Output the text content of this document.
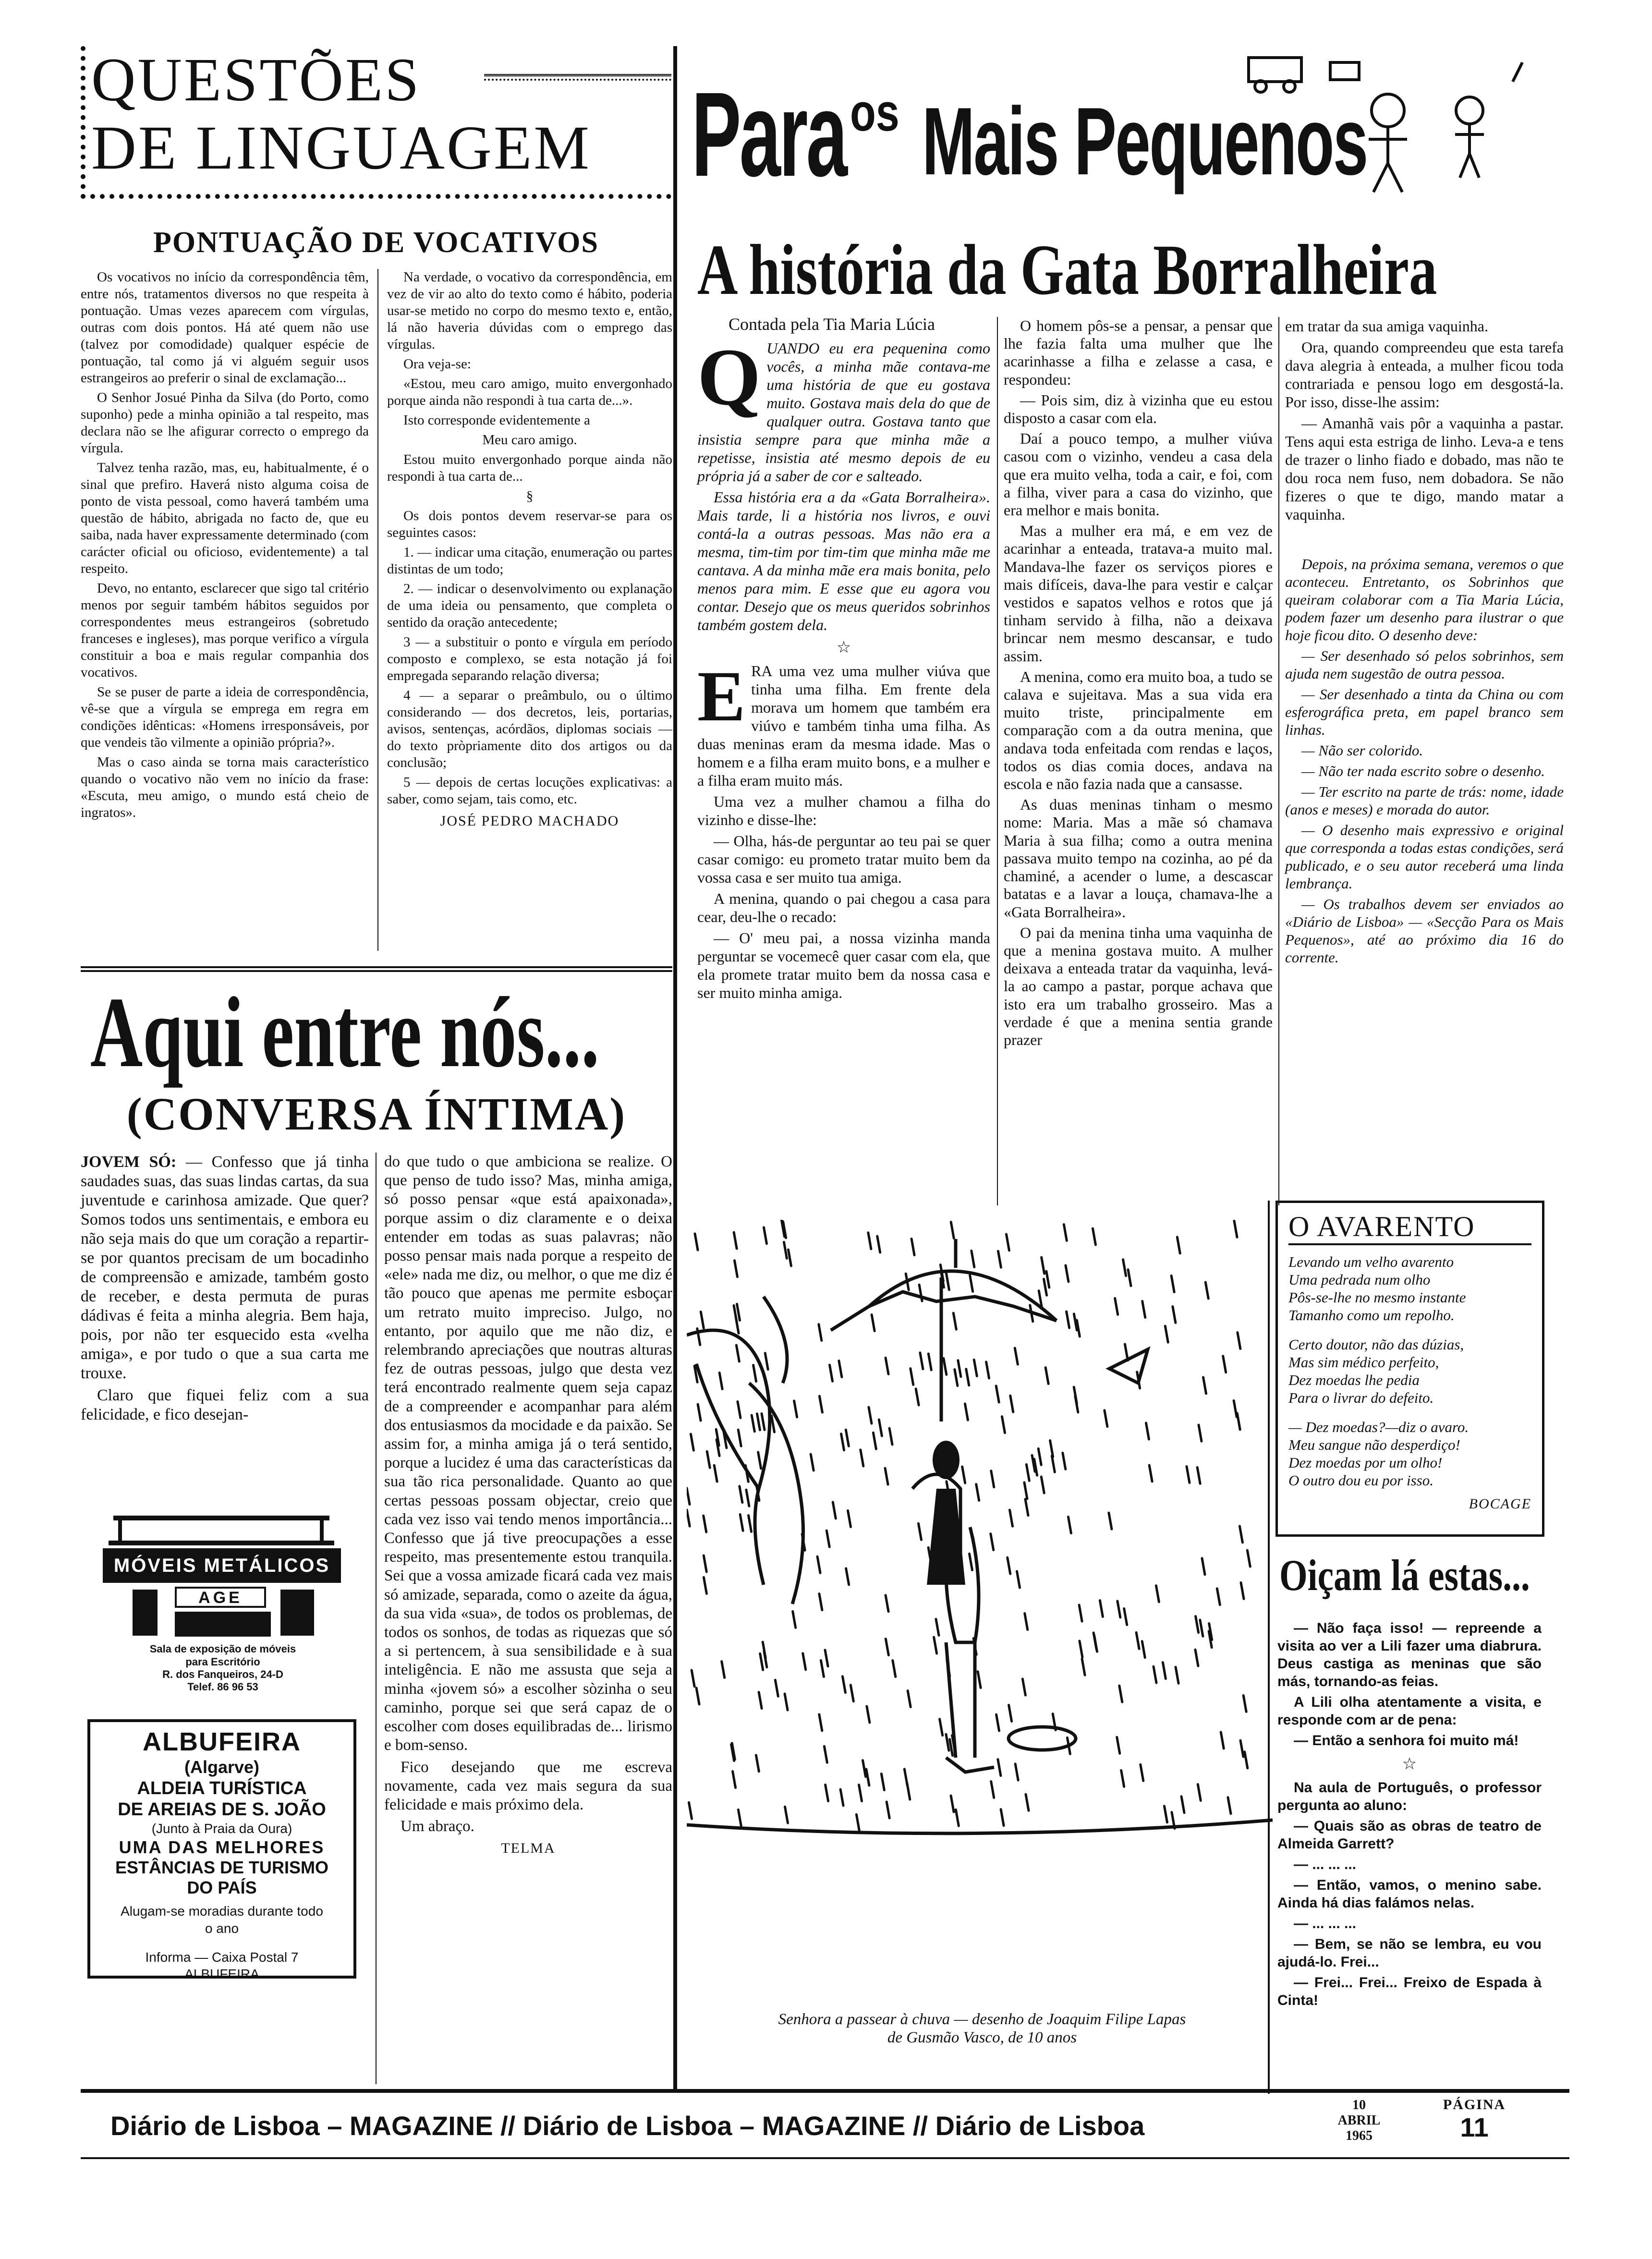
QUESTÕES
DE LINGUAGEM
PONTUAÇÃO DE VOCATIVOS

Os vocativos no início da correspondência têm, entre nós, tratamentos diversos no que respeita à pontuação. Umas vezes aparecem com vírgulas, outras com dois pontos. Há até quem não use (talvez por comodidade) qualquer espécie de pontuação, tal como já vi alguém seguir usos estrangeiros ao preferir o sinal de exclamação...

O Senhor Josué Pinha da Silva (do Porto, como suponho) pede a minha opinião a tal respeito, mas declara não se lhe afigurar correcto o emprego da vírgula.

Talvez tenha razão, mas, eu, habitualmente, é o sinal que prefiro. Haverá nisto alguma coisa de ponto de vista pessoal, como haverá também uma questão de hábito, abrigada no facto de, que eu saiba, nada haver expressamente determinado (com carácter oficial ou oficioso, evidentemente) a tal respeito.

Devo, no entanto, esclarecer que sigo tal critério menos por seguir também hábitos seguidos por correspondentes meus estrangeiros (sobretudo franceses e ingleses), mas porque verifico a vírgula constituir a boa e mais regular companhia dos vocativos.

Se se puser de parte a ideia de correspondência, vê-se que a vírgula se emprega em regra em condições idênticas: «Homens irresponsáveis, por que vendeis tão vilmente a opinião própria?».

Mas o caso ainda se torna mais característico quando o vocativo não vem no início da frase: «Escuta, meu amigo, o mundo está cheio de ingratos».

Na verdade, o vocativo da correspondência, em vez de vir ao alto do texto como é hábito, poderia usar-se metido no corpo do mesmo texto e, então, lá não haveria dúvidas com o emprego das vírgulas.

Ora veja-se:

«Estou, meu caro amigo, muito envergonhado porque ainda não respondi à tua carta de...».

Isto corresponde evidentemente a

Meu caro amigo.

Estou muito envergonhado porque ainda não respondi à tua carta de...

§

Os dois pontos devem reservar-se para os seguintes casos:

1. — indicar uma citação, enumeração ou partes distintas de um todo;

2. — indicar o desenvolvimento ou explanação de uma ideia ou pensamento, que completa o sentido da oração antecedente;

3 — a substituir o ponto e vírgula em período composto e complexo, se esta notação já foi empregada separando relação diversa;

4 — a separar o preâmbulo, ou o último considerando — dos decretos, leis, portarias, avisos, sentenças, acórdãos, diplomas sociais — do texto pròpriamente dito dos artigos ou da conclusão;

5 — depois de certas locuções explicativas: a saber, como sejam, tais como, etc.

JOSÉ PEDRO MACHADO
Aqui entre nós...
(CONVERSA ÍNTIMA)

JOVEM SÓ: — Confesso que já tinha saudades suas, das suas lindas cartas, da sua juventude e carinhosa amizade. Que quer? Somos todos uns sentimentais, e embora eu não seja mais do que um coração a repartir-se por quantos precisam de um bocadinho de compreensão e amizade, também gosto de receber, e desta permuta de puras dádivas é feita a minha alegria. Bem haja, pois, por não ter esquecido esta «velha amiga», e por tudo o que a sua carta me trouxe.

Claro que fiquei feliz com a sua felicidade, e fico desejan-

MÓVEIS METÁLICOS
AGE
Sala de exposição de móveis para Escritório
R. dos Fanqueiros, 24-D
Telef. 86 96 53
ALBUFEIRA
(Algarve)
ALDEIA TURÍSTICA
DE AREIAS DE S. JOÃO
(Junto à Praia da Oura)
UMA DAS MELHORES
ESTÂNCIAS DE TURISMO
DO PAÍS
Alugam-se moradias durante todo o ano
Informa — Caixa Postal 7
ALBUFEIRA

do que tudo o que ambiciona se realize. O que penso de tudo isso? Mas, minha amiga, só posso pensar «que está apaixonada», porque assim o diz claramente e o deixa entender em todas as suas palavras; não posso pensar mais nada porque a respeito de «ele» nada me diz, ou melhor, o que me diz é tão pouco que apenas me permite esboçar um retrato muito impreciso. Julgo, no entanto, por aquilo que me não diz, e relembrando apreciações que noutras alturas fez de outras pessoas, julgo que desta vez terá encontrado realmente quem seja capaz de a compreender e acompanhar para além dos entusiasmos da mocidade e da paixão. Se assim for, a minha amiga já o terá sentido, porque a lucidez é uma das características da sua tão rica personalidade. Quanto ao que certas pessoas possam objectar, creio que cada vez isso vai tendo menos importância... Confesso que já tive preocupações a esse respeito, mas presentemente estou tranquila. Sei que a vossa amizade ficará cada vez mais só amizade, separada, como o azeite da água, da sua vida «sua», de todos os problemas, de todos os sonhos, de todas as riquezas que só a si pertencem, à sua sensibilidade e à sua inteligência. E não me assusta que seja a minha «jovem só» a escolher sòzinha o seu caminho, porque sei que será capaz de o escolher com doses equilibradas de... lirismo e bom-senso.

Fico desejando que me escreva novamente, cada vez mais segura da sua felicidade e mais próximo dela.

Um abraço.

TELMA
Para os Mais Pequenos
A história da Gata Borralheira
Contada pela Tia Maria Lúcia
Q UANDO eu era pequenina como vocês, a minha mãe contava-me uma história de que eu gostava muito. Gostava mais dela do que de qualquer outra. Gostava tanto que insistia sempre para que minha mãe a repetisse, insistia até mesmo depois de eu própria já a saber de cor e salteado.

Essa história era a da «Gata Borralheira». Mais tarde, li a história nos livros, e ouvi contá-la a outras pessoas. Mas não era a mesma, tim-tim por tim-tim que minha mãe me cantava. A da minha mãe era mais bonita, pelo menos para mim. E esse que eu agora vou contar. Desejo que os meus queridos sobrinhos também gostem dela.

☆
E RA uma vez uma mulher viúva que tinha uma filha. Em frente dela morava um homem que também era viúvo e também tinha uma filha. As duas meninas eram da mesma idade. Mas o homem e a filha eram muito bons, e a mulher e a filha eram muito más.

Uma vez a mulher chamou a filha do vizinho e disse-lhe:

— Olha, hás-de perguntar ao teu pai se quer casar comigo: eu prometo tratar muito bem da vossa casa e ser muito tua amiga.

A menina, quando o pai chegou a casa para cear, deu-lhe o recado:

— O' meu pai, a nossa vizinha manda perguntar se vocemecê quer casar com ela, que ela promete tratar muito bem da nossa casa e ser muito minha amiga.

O homem pôs-se a pensar, a pensar que lhe fazia falta uma mulher que lhe acarinhasse a filha e zelasse a casa, e respondeu:

— Pois sim, diz à vizinha que eu estou disposto a casar com ela.

Daí a pouco tempo, a mulher viúva casou com o vizinho, vendeu a casa dela que era muito velha, toda a cair, e foi, com a filha, viver para a casa do vizinho, que era melhor e mais bonita.

Mas a mulher era má, e em vez de acarinhar a enteada, tratava-a muito mal. Mandava-lhe fazer os serviços piores e mais difíceis, dava-lhe para vestir e calçar vestidos e sapatos velhos e rotos que já tinham servido à filha, não a deixava brincar nem mesmo descansar, e tudo assim.

A menina, como era muito boa, a tudo se calava e sujeitava. Mas a sua vida era muito triste, principalmente em comparação com a da outra menina, que andava toda enfeitada com rendas e laços, todos os dias comia doces, andava na escola e não fazia nada que a cansasse.

As duas meninas tinham o mesmo nome: Maria. Mas a mãe só chamava Maria à sua filha; como a outra menina passava muito tempo na cozinha, ao pé da chaminé, a acender o lume, a descascar batatas e a lavar a louça, chamava-lhe a «Gata Borralheira».

O pai da menina tinha uma vaquinha de que a menina gostava muito. A mulher deixava a enteada tratar da vaquinha, levá-la ao campo a pastar, porque achava que isto era um trabalho grosseiro. Mas a verdade é que a menina sentia grande prazer

em tratar da sua amiga vaquinha.

Ora, quando compreendeu que esta tarefa dava alegria à enteada, a mulher ficou toda contrariada e pensou logo em desgostá-la. Por isso, disse-lhe assim:

— Amanhã vais pôr a vaquinha a pastar. Tens aqui esta estriga de linho. Leva-a e tens de trazer o linho fiado e dobado, mas não te dou roca nem fuso, nem dobadora. Se não fizeres o que te digo, mando matar a vaquinha.

Depois, na próxima semana, veremos o que aconteceu. Entretanto, os Sobrinhos que queiram colaborar com a Tia Maria Lúcia, podem fazer um desenho para ilustrar o que hoje ficou dito. O desenho deve:

— Ser desenhado só pelos sobrinhos, sem ajuda nem sugestão de outra pessoa.

— Ser desenhado a tinta da China ou com esferográfica preta, em papel branco sem linhas.

— Não ser colorido.

— Não ter nada escrito sobre o desenho.

— Ter escrito na parte de trás: nome, idade (anos e meses) e morada do autor.

— O desenho mais expressivo e original que corresponda a todas estas condições, será publicado, e o seu autor receberá uma linda lembrança.

— Os trabalhos devem ser enviados ao «Diário de Lisboa» — «Secção Para os Mais Pequenos», até ao próximo dia 16 do corrente.

Senhora a passear à chuva — desenho de Joaquim Filipe Lapas
de Gusmão Vasco, de 10 anos
O AVARENTO
Levando um velho avarento
Uma pedrada num olho
Pôs-se-lhe no mesmo instante
Tamanho como um repolho.
Certo doutor, não das dúzias,
Mas sim médico perfeito,
Dez moedas lhe pedia
Para o livrar do defeito.
— Dez moedas?—diz o avaro.
Meu sangue não desperdiço!
Dez moedas por um olho!
O outro dou eu por isso.
BOCAGE
Oiçam lá estas...

— Não faça isso! — repreende a visita ao ver a Lili fazer uma diabrura. Deus castiga as meninas que são más, tornando-as feias.

A Lili olha atentamente a visita, e responde com ar de pena:

— Então a senhora foi muito má!

☆

Na aula de Português, o professor pergunta ao aluno:

— Quais são as obras de teatro de Almeida Garrett?

— ... ... ...

— Então, vamos, o menino sabe. Ainda há dias falámos nelas.

— ... ... ...

— Bem, se não se lembra, eu vou ajudá-lo. Frei...

— Frei... Frei... Freixo de Espada à Cinta!

Diário de Lisboa – MAGAZINE // Diário de Lisboa – MAGAZINE // Diário de Lisboa
10
ABRIL
1965
PÁGINA
11
